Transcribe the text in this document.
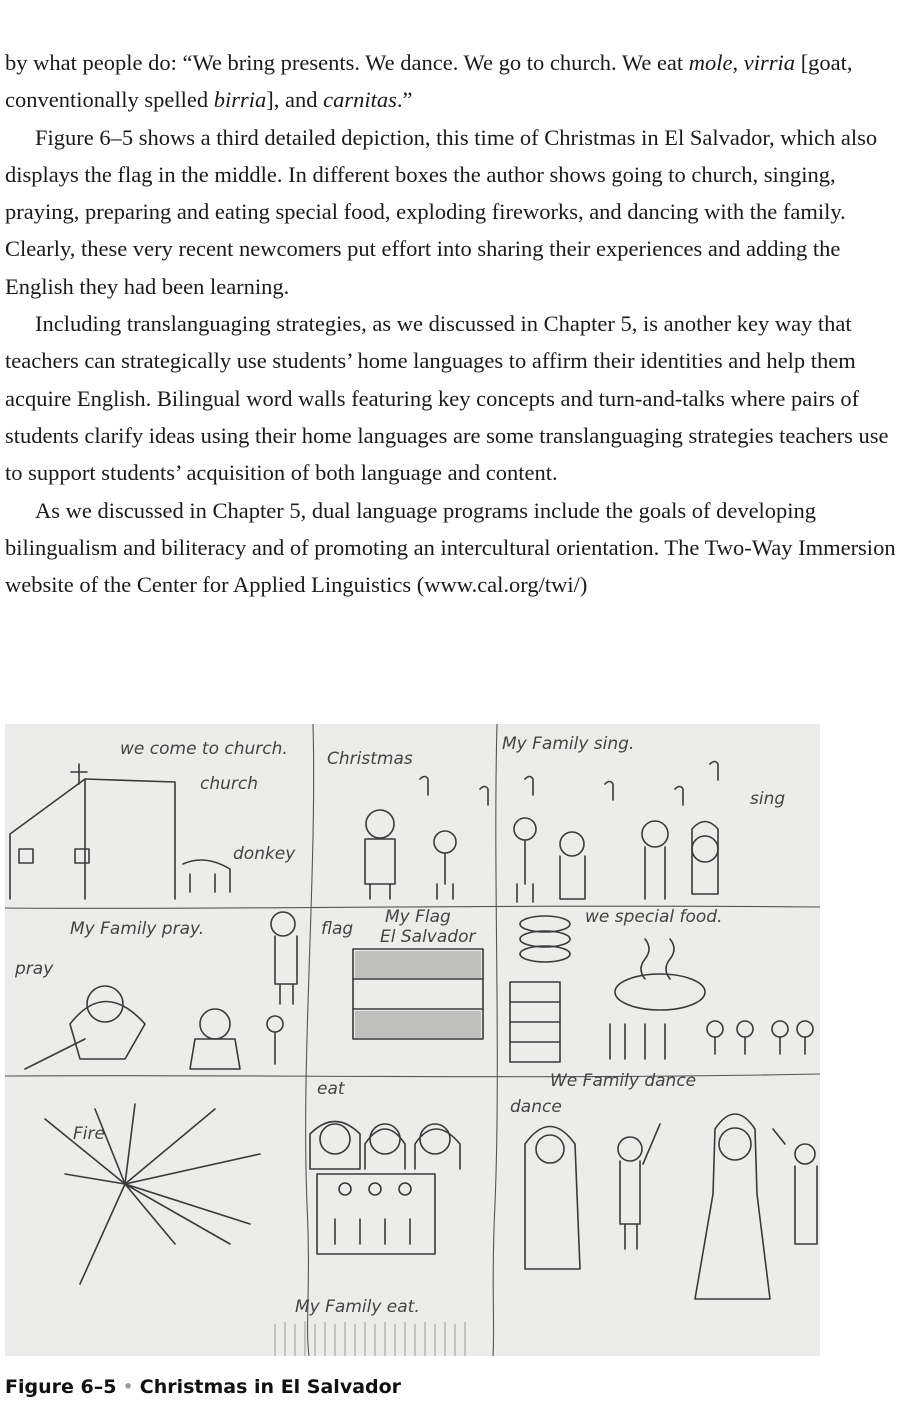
by what people do: “We bring presents. We dance. We go to church. We eat mole, virria [goat, conventionally spelled birria], and carnitas.”

Figure 6–5 shows a third detailed depiction, this time of Christmas in El Salvador, which also displays the flag in the middle. In different boxes the author shows going to church, singing, praying, preparing and eating special food, exploding fireworks, and dancing with the family. Clearly, these very recent newcomers put effort into sharing their experiences and adding the English they had been learning.

Including translanguaging strategies, as we discussed in Chapter 5, is another key way that teachers can strategically use students’ home languages to affirm their identities and help them acquire English. Bilingual word walls featuring key concepts and turn-and-talks where pairs of students clarify ideas using their home languages are some translanguaging strategies teachers use to support students’ acquisition of both language and content.

As we discussed in Chapter 5, dual language programs include the goals of developing bilingualism and biliteracy and of promoting an intercultural orientation. The Two-Way Immersion website of the Center for Applied Linguistics (www.cal.org/twi/)

we come to church.
church
donkey
Christmas
My Family sing.
sing
My Family pray.
pray
flag
My Flag
El Salvador
we special food.
Fire
eat
My Family eat.
We Family dance
dance
Figure 6–5 • Christmas in El Salvador
